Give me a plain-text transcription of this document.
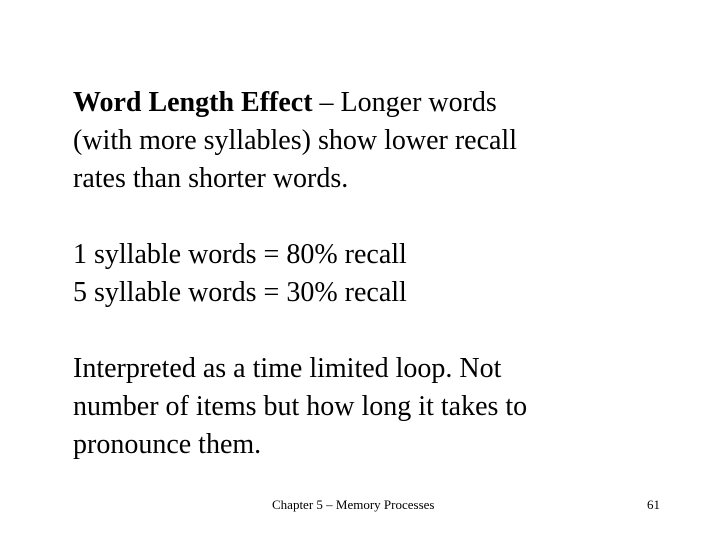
Word Length Effect – Longer words
(with more syllables) show lower recall
rates than shorter words.

1 syllable words = 80% recall
5 syllable words = 30% recall

Interpreted as a time limited loop. Not
number of items but how long it takes to
pronounce them.

Chapter 5 – Memory Processes	61
